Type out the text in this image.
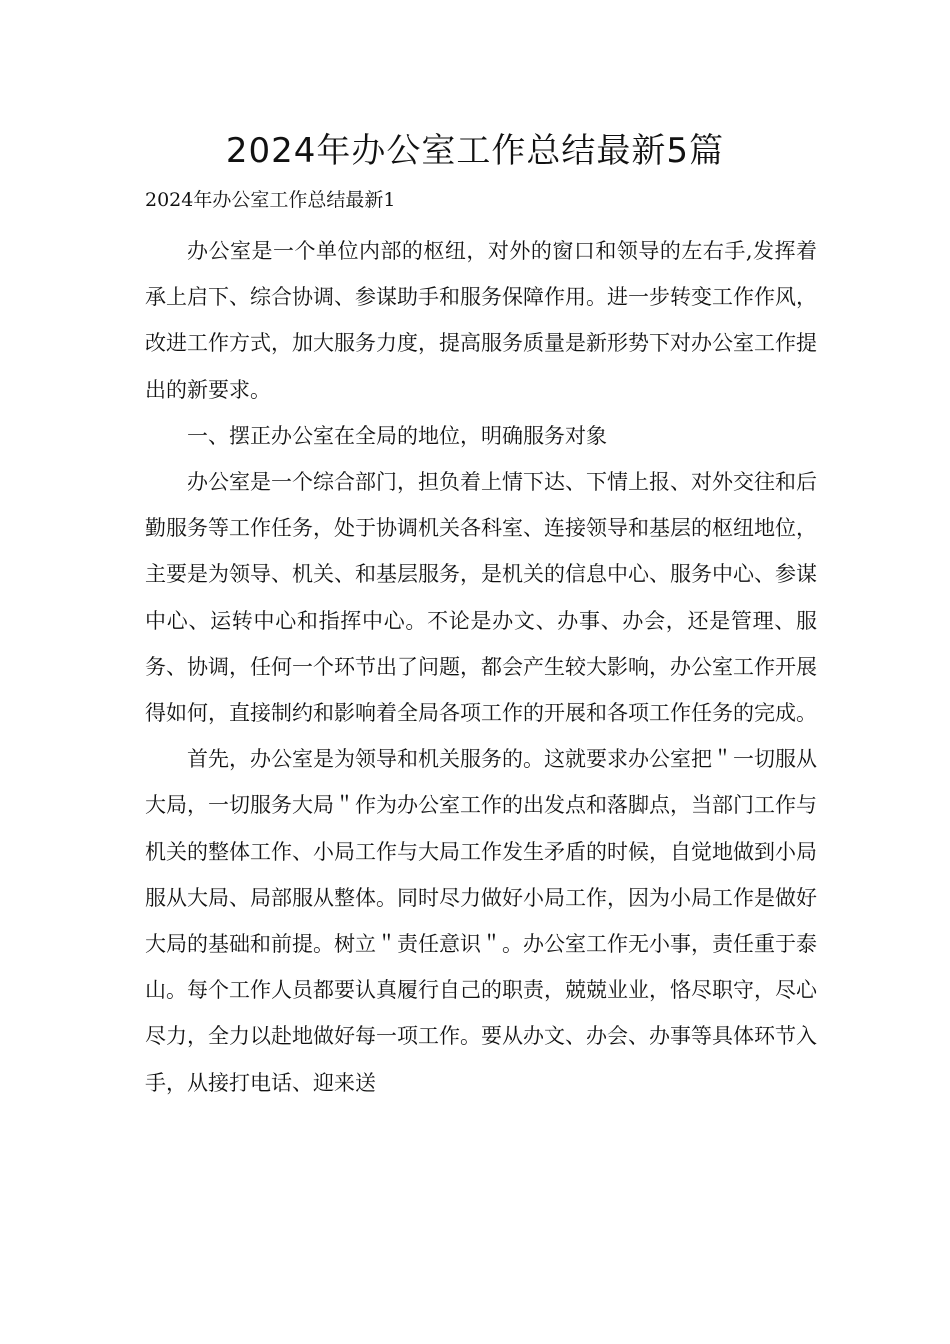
2024年办公室工作总结最新5篇

2024年办公室工作总结最新1

办公室是一个单位内部的枢纽，对外的窗口和领导的左右手,发挥着承上启下、综合协调、参谋助手和服务保障作用。进一步转变工作作风，改进工作方式，加大服务力度，提高服务质量是新形势下对办公室工作提出的新要求。

一、摆正办公室在全局的地位，明确服务对象

办公室是一个综合部门，担负着上情下达、下情上报、对外交往和后勤服务等工作任务，处于协调机关各科室、连接领导和基层的枢纽地位，主要是为领导、机关、和基层服务，是机关的信息中心、服务中心、参谋中心、运转中心和指挥中心。不论是办文、办事、办会，还是管理、服务、协调，任何一个环节出了问题，都会产生较大影响，办公室工作开展得如何，直接制约和影响着全局各项工作的开展和各项工作任务的完成。

首先，办公室是为领导和机关服务的。这就要求办公室把＂一切服从大局，一切服务大局＂作为办公室工作的出发点和落脚点，当部门工作与机关的整体工作、小局工作与大局工作发生矛盾的时候，自觉地做到小局服从大局、局部服从整体。同时尽力做好小局工作，因为小局工作是做好大局的基础和前提。树立＂责任意识＂。办公室工作无小事，责任重于泰山。每个工作人员都要认真履行自己的职责，兢兢业业，恪尽职守，尽心尽力，全力以赴地做好每一项工作。要从办文、办会、办事等具体环节入手，从接打电话、迎来送
